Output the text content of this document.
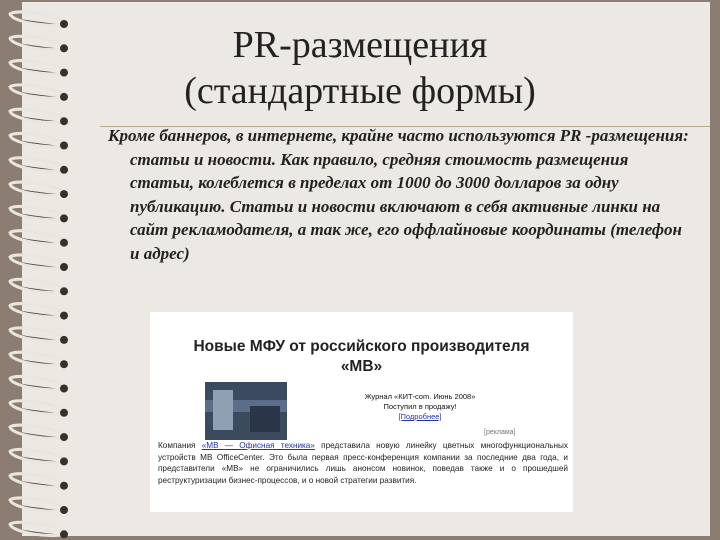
PR-размещения
(стандартные формы)

Кроме баннеров, в интернете, крайне часто используются PR -размещения: статьи и новости. Как правило, средняя стоимость размещения статьи, колеблется в пределах от 1000 до 3000 долларов за одну публикацию. Статьи и новости включают в себя активные линки на сайт рекламодателя, а так же, его оффлайновые координаты (телефон и адрес)

Новые МФУ от российского производителя
«МВ»
Журнал «КИТ-com. Июнь 2008»
Поступил в продажу!
[Подробнее]
[реклама]
Компания «МВ — Офисная техника» представила новую линейку цветных многофункциональных устройств МВ OfficeCenter. Это была первая пресс-конференция компании за последние два года, и представители «МВ» не ограничились лишь анонсом новинок, поведав также и о прошедшей реструктуризации бизнес-процессов, и о новой стратегии развития.
